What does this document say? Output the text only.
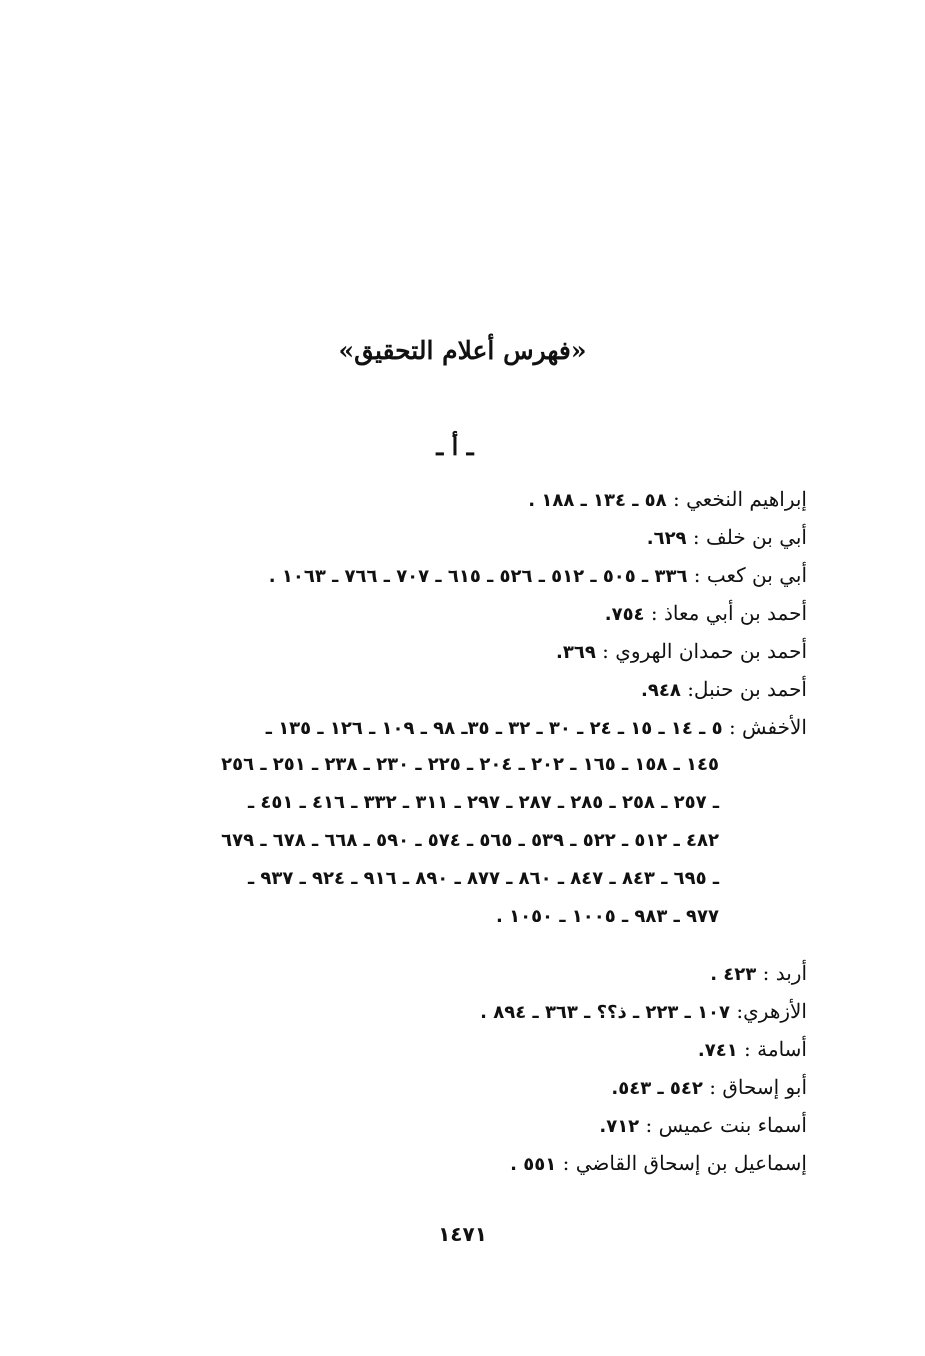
«فهرس أعلام التحقيق»
ـ أ ـ
إبراهيم النخعي : ٥٨ ـ ١٣٤ ـ ١٨٨ .
أبي بن خلف : ٦٢٩.
أبي بن كعب : ٣٣٦ ـ ٥٠٥ ـ ٥١٢ ـ ٥٢٦ ـ ٦١٥ ـ ٧٠٧ ـ ٧٦٦ ـ ١٠٦٣ .
أحمد بن أبي معاذ : ٧٥٤.
أحمد بن حمدان الهروي : ٣٦٩.
أحمد بن حنبل: ٩٤٨.
الأخفش : ٥ ـ ١٤ ـ ١٥ ـ ٢٤ ـ ٣٠ ـ ٣٢ ـ ٣٥ـ ٩٨ ـ ١٠٩ ـ ١٢٦ ـ ١٣٥ ـ
١٤٥ ـ ١٥٨ ـ ١٦٥ ـ ٢٠٢ ـ ٢٠٤ ـ ٢٢٥ ـ ٢٣٠ ـ ٢٣٨ ـ ٢٥١ ـ ٢٥٦
ـ ٢٥٧ ـ ٢٥٨ ـ ٢٨٥ ـ ٢٨٧ ـ ٢٩٧ ـ ٣١١ ـ ٣٣٢ ـ ٤١٦ ـ ٤٥١ ـ
٤٨٢ ـ ٥١٢ ـ ٥٢٢ ـ ٥٣٩ ـ ٥٦٥ ـ ٥٧٤ ـ ٥٩٠ ـ ٦٦٨ ـ ٦٧٨ ـ ٦٧٩
ـ ٦٩٥ ـ ٨٤٣ ـ ٨٤٧ ـ ٨٦٠ ـ ٨٧٧ ـ ٨٩٠ ـ ٩١٦ ـ ٩٢٤ ـ ٩٣٧ ـ
٩٧٧ ـ ٩٨٣ ـ ١٠٠٥ ـ ١٠٥٠ .
أربد : ٤٢٣ .
الأزهري: ١٠٧ ـ ٢٢٣ ـ ذ؟؟ ـ ٣٦٣ ـ ٨٩٤ .
أسامة : ٧٤١.
أبو إسحاق : ٥٤٢ ـ ٥٤٣.
أسماء بنت عميس : ٧١٢.
إسماعيل بن إسحاق القاضي : ٥٥١ .
١٤٧١
